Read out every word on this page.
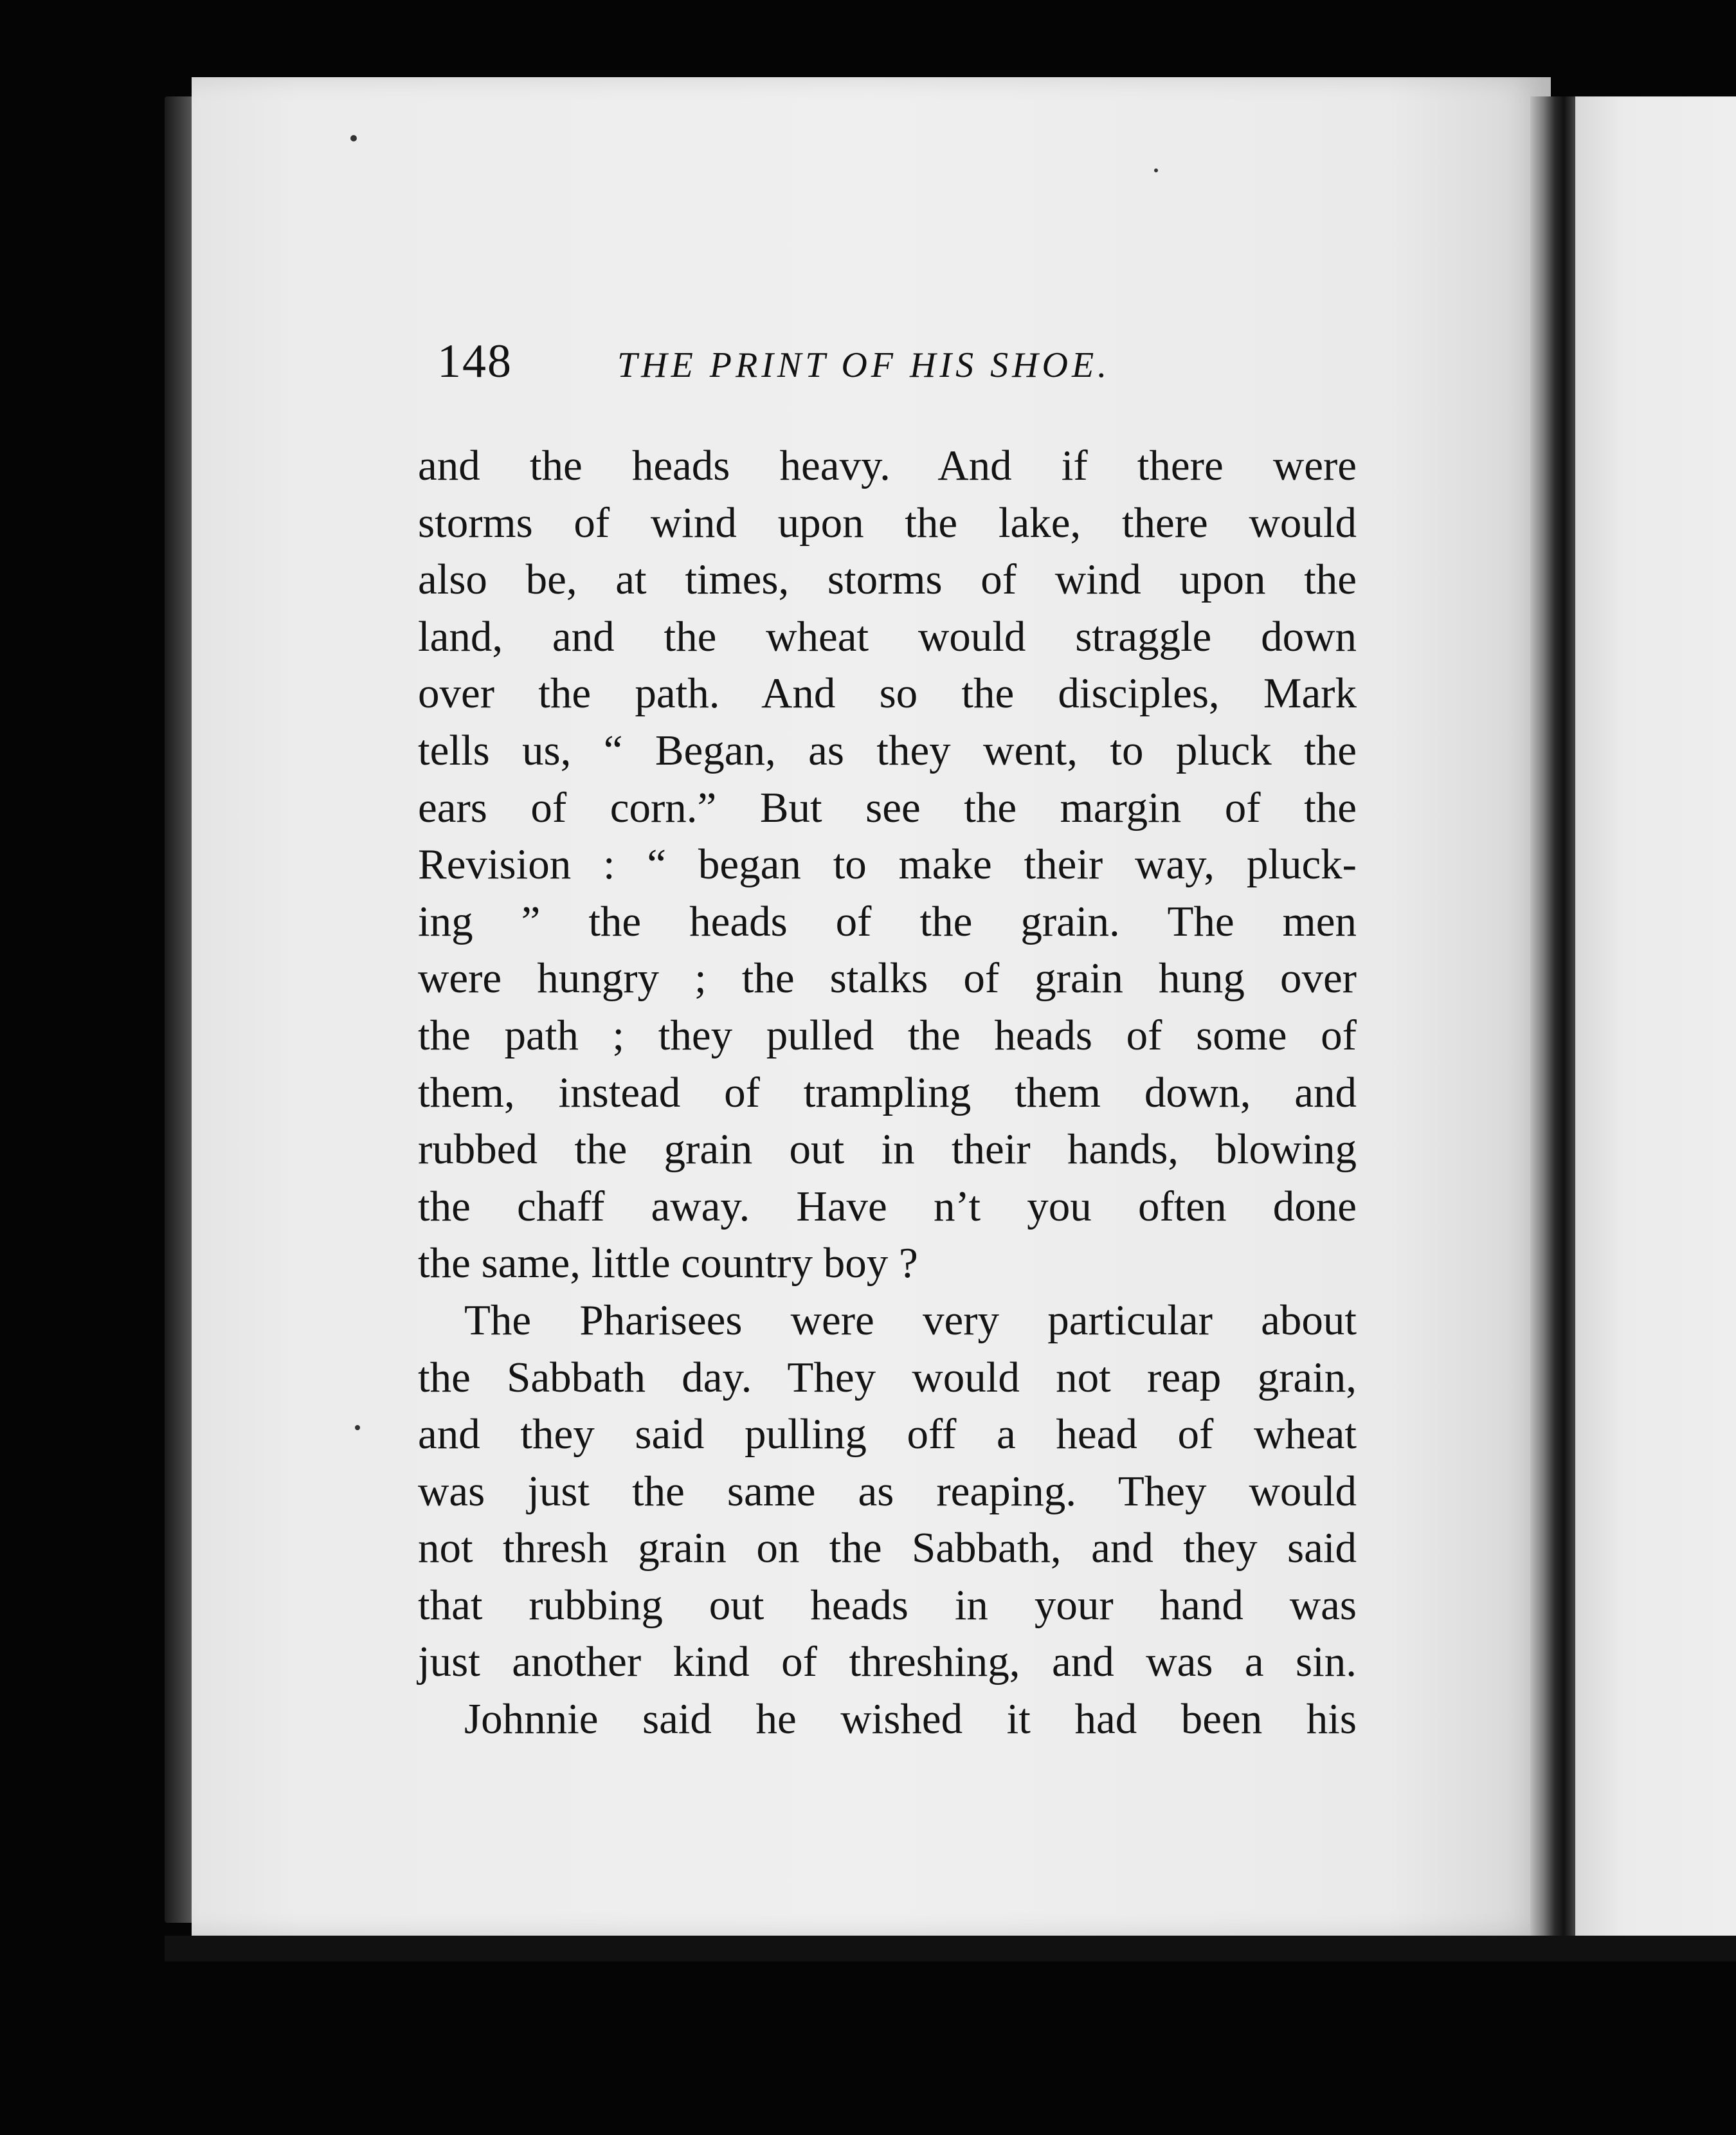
148	THE PRINT OF HIS SHOE.
and the heads heavy. And if there were
storms of wind upon the lake, there would
also be, at times, storms of wind upon the
land, and the wheat would straggle down
over the path. And so the disciples, Mark
tells us, “ Began, as they went, to pluck the
ears of corn.” But see the margin of the
Revision : “ began to make their way, pluck-
ing ” the heads of the grain. The men
were hungry ; the stalks of grain hung over
the path ; they pulled the heads of some of
them, instead of trampling them down, and
rubbed the grain out in their hands, blowing
the chaff away. Have n’t you often done
the same, little country boy ?
The Pharisees were very particular about
the Sabbath day. They would not reap grain,
and they said pulling off a head of wheat
was just the same as reaping. They would
not thresh grain on the Sabbath, and they said
that rubbing out heads in your hand was
just another kind of threshing, and was a sin.
Johnnie said he wished it had been his
